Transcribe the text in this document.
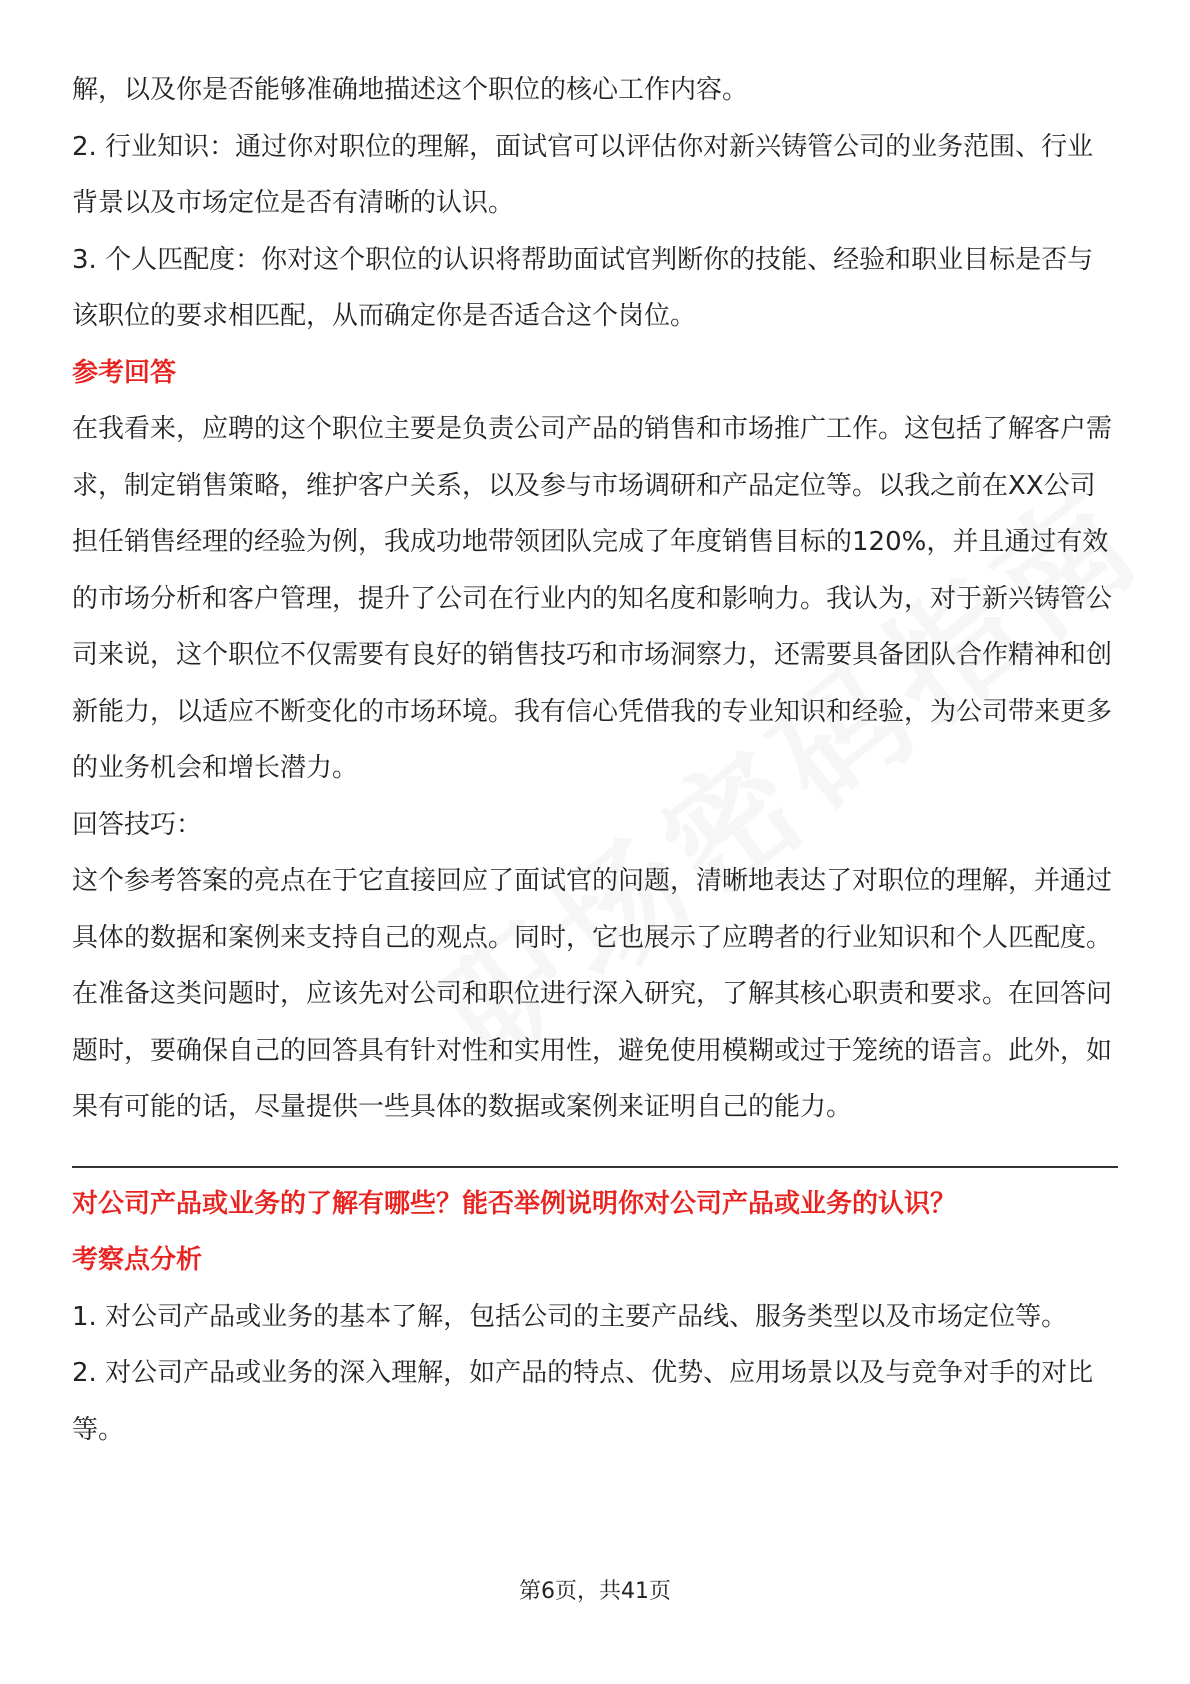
解，以及你是否能够准确地描述这个职位的核心工作内容。

2. 行业知识：通过你对职位的理解，面试官可以评估你对新兴铸管公司的业务范围、行业背景以及市场定位是否有清晰的认识。

3. 个人匹配度：你对这个职位的认识将帮助面试官判断你的技能、经验和职业目标是否与该职位的要求相匹配，从而确定你是否适合这个岗位。

参考回答

在我看来，应聘的这个职位主要是负责公司产品的销售和市场推广工作。这包括了解客户需求，制定销售策略，维护客户关系，以及参与市场调研和产品定位等。以我之前在XX公司担任销售经理的经验为例，我成功地带领团队完成了年度销售目标的120%，并且通过有效的市场分析和客户管理，提升了公司在行业内的知名度和影响力。我认为，对于新兴铸管公司来说，这个职位不仅需要有良好的销售技巧和市场洞察力，还需要具备团队合作精神和创新能力，以适应不断变化的市场环境。我有信心凭借我的专业知识和经验，为公司带来更多的业务机会和增长潜力。

回答技巧：

这个参考答案的亮点在于它直接回应了面试官的问题，清晰地表达了对职位的理解，并通过具体的数据和案例来支持自己的观点。同时，它也展示了应聘者的行业知识和个人匹配度。在准备这类问题时，应该先对公司和职位进行深入研究，了解其核心职责和要求。在回答问题时，要确保自己的回答具有针对性和实用性，避免使用模糊或过于笼统的语言。此外，如果有可能的话，尽量提供一些具体的数据或案例来证明自己的能力。

对公司产品或业务的了解有哪些？能否举例说明你对公司产品或业务的认识？

考察点分析

1. 对公司产品或业务的基本了解，包括公司的主要产品线、服务类型以及市场定位等。

2. 对公司产品或业务的深入理解，如产品的特点、优势、应用场景以及与竞争对手的对比等。

第6页，共41页
